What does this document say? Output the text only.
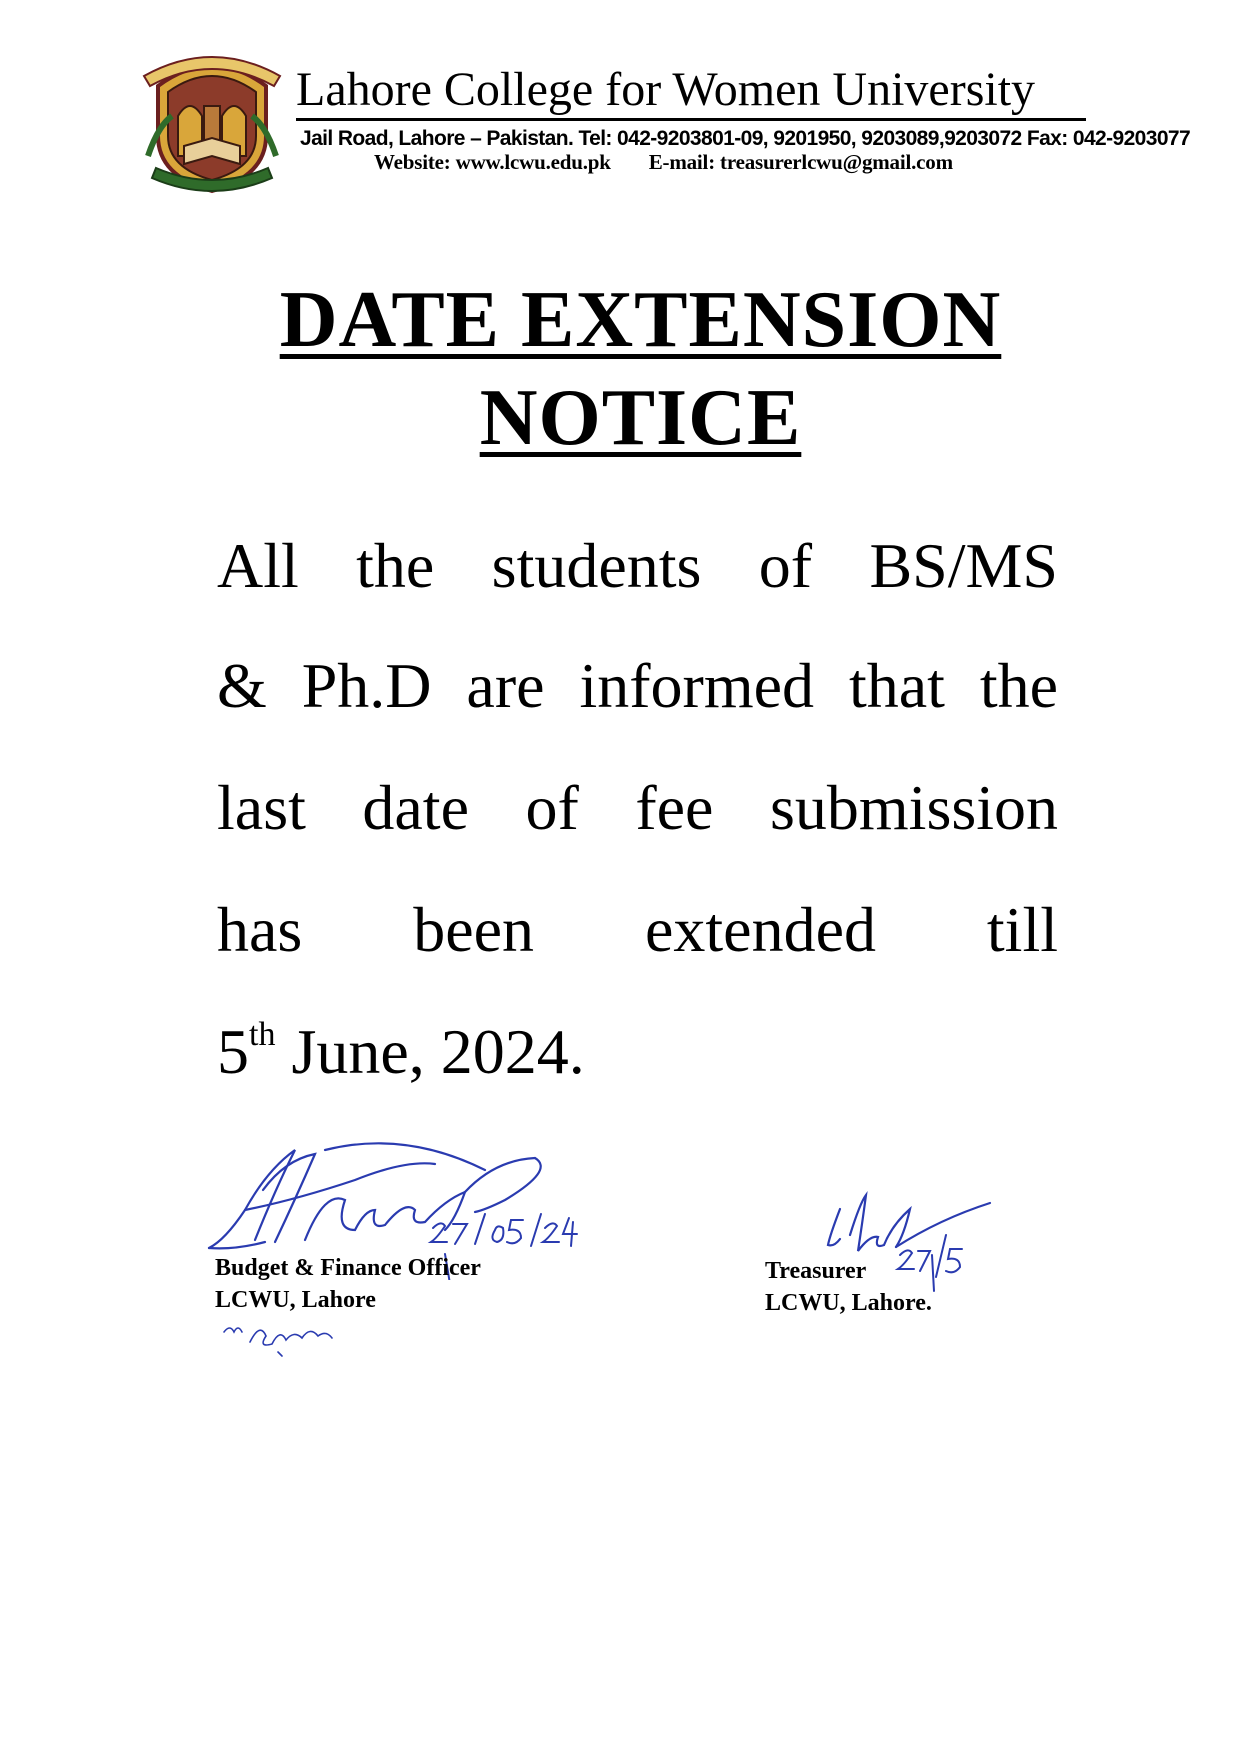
Lahore College for Women University
Jail Road, Lahore – Pakistan. Tel: 042-9203801-09, 9201950, 9203089,9203072 Fax: 042-9203077
Website: www.lcwu.edu.pk E-mail: treasurerlcwu@gmail.com
DATE EXTENSION
NOTICE
All the students of BS/MS
& Ph.D are informed that the
last date of fee submission
has been extended till
5th June, 2024.
Budget & Finance Officer
LCWU, Lahore
Treasurer
LCWU, Lahore.
